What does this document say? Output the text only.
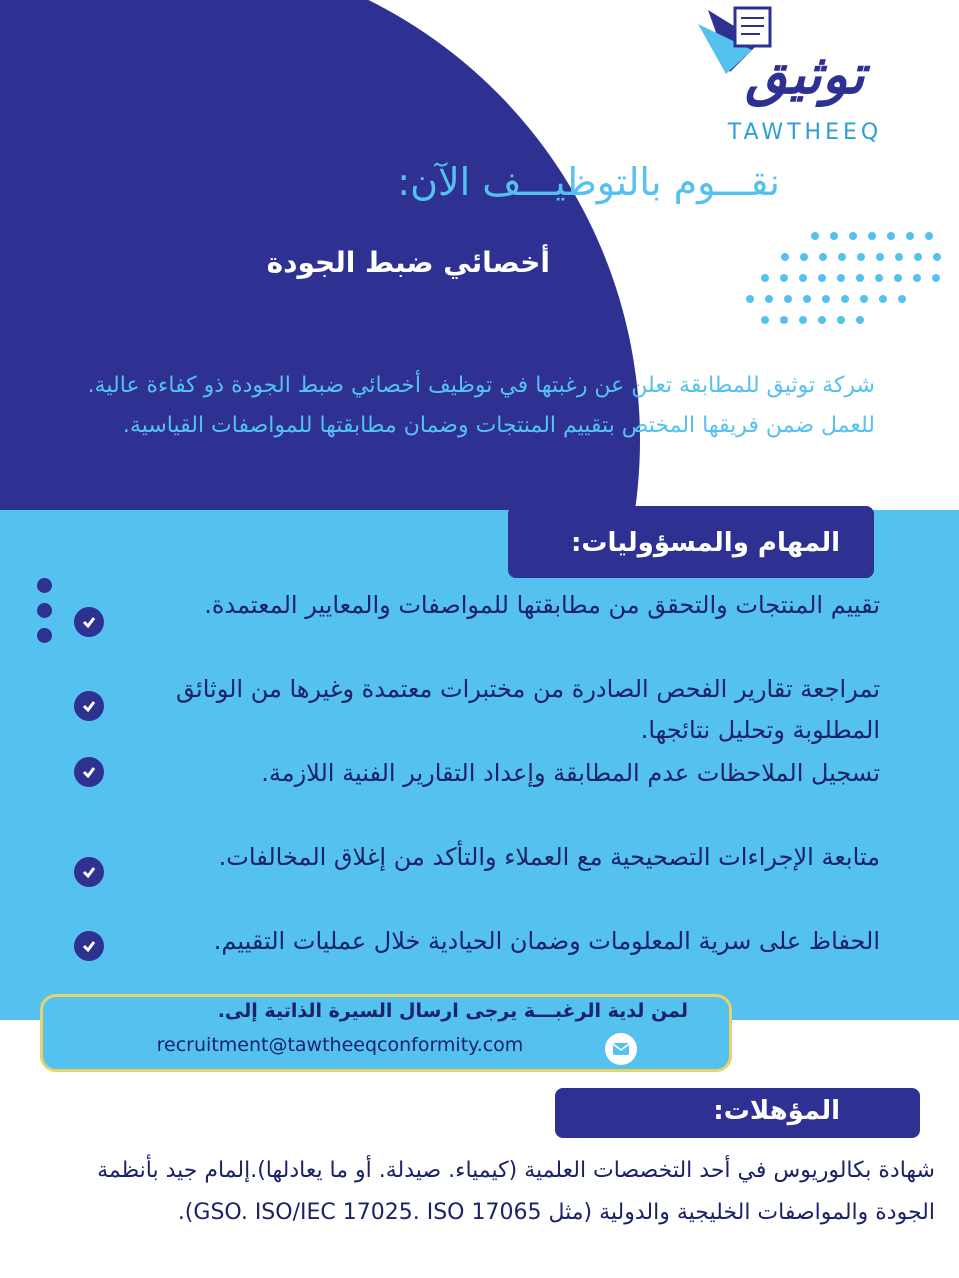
توثيق
TAWTHEEQ
نقـــوم بالتوظيـــف الآن:
أخصائي ضبط الجودة
شركة توثيق للمطابقة تعلن عن رغبتها في توظيف أخصائي ضبط الجودة ذو كفاءة عالية. للعمل ضمن فريقها المختص بتقييم المنتجات وضمان مطابقتها للمواصفات القياسية.
المهام والمسؤوليات:
تقييم المنتجات والتحقق من مطابقتها للمواصفات والمعايير المعتمدة.
تمراجعة تقارير الفحص الصادرة من مختبرات معتمدة وغيرها من الوثائق المطلوبة وتحليل نتائجها.
تسجيل الملاحظات عدم المطابقة وإعداد التقارير الفنية اللازمة.
متابعة الإجراءات التصحيحية مع العملاء والتأكد من إغلاق المخالفات.
الحفاظ على سرية المعلومات وضمان الحيادية خلال عمليات التقييم.
لمن لدية الرغبـــة يرجى ارسال السيرة الذاتية إلى.
recruitment@tawtheeqconformity.com
المؤهلات:
شهادة بكالوريوس في أحد التخصصات العلمية (كيمياء. صيدلة. أو ما يعادلها).إلمام جيد بأنظمة الجودة والمواصفات الخليجية والدولية (مثل GSO. ISO/IEC 17025. ISO 17065).
